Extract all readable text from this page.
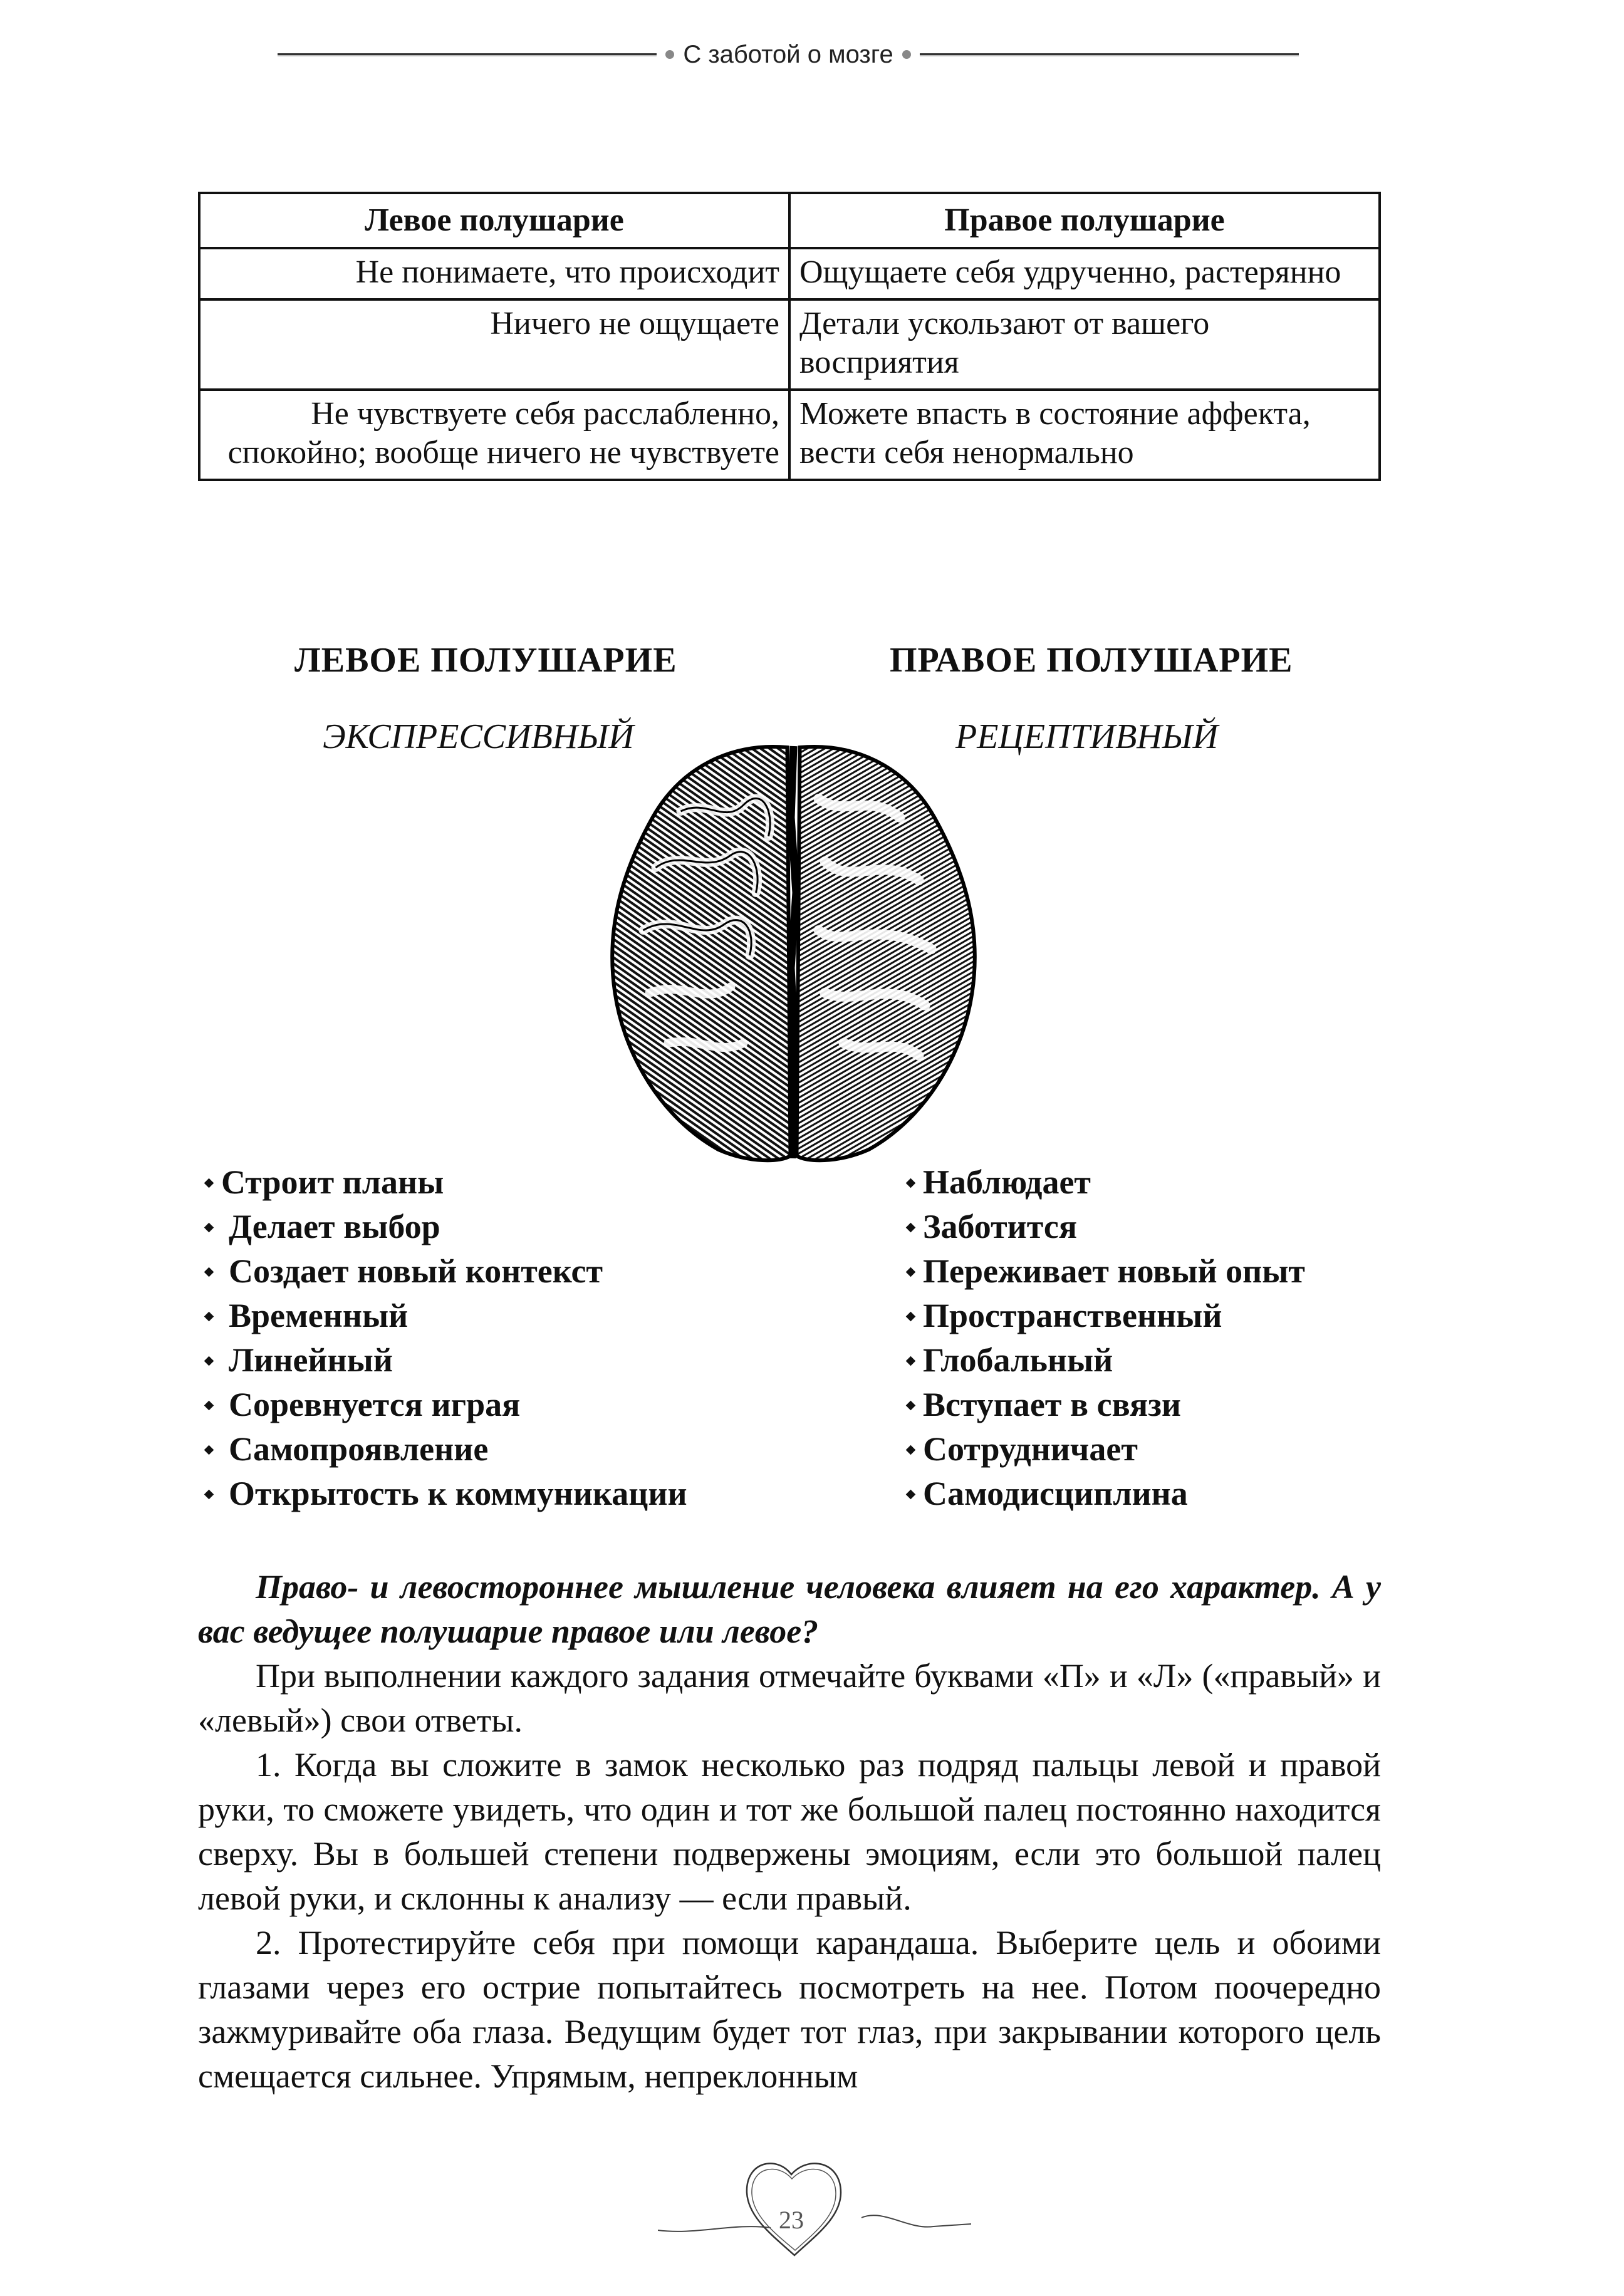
С заботой о мозге
Левое полушарие	Правое полушарие
Не понимаете, что происходит	Ощущаете себя удрученно, растерянно
Ничего не ощущаете	Детали ускользают от вашего восприятия
Не чувствуете себя расслабленно, спокойно; вообще ничего не чувствуете	Можете впасть в состояние аффекта, вести себя ненормально
ЛЕВОЕ ПОЛУШАРИЕ	ПРАВОЕ ПОЛУШАРИЕ
ЭКСПРЕССИВНЫЙ	РЕЦЕПТИВНЫЙ
Строит планы
Делает выбор
Создает новый контекст
Временный
Линейный
Соревнуется играя
Самопроявление
Открытость к коммуникации
Наблюдает
Заботится
Переживает новый опыт
Пространственный
Глобальный
Вступает в связи
Сотрудничает
Самодисциплина

Право- и левостороннее мышление человека влияет на его характер. А у вас ведущее полушарие правое или левое?

При выполнении каждого задания отмечайте буквами «П» и «Л» («правый» и «левый») свои ответы.

1. Когда вы сложите в замок несколько раз подряд пальцы левой и правой руки, то сможете увидеть, что один и тот же большой палец постоянно находится сверху. Вы в большей степени подвержены эмоциям, если это большой палец левой руки, и склонны к анализу — если правый.

2. Протестируйте себя при помощи карандаша. Выберите цель и обоими глазами через его острие попытайтесь посмотреть на нее. Потом поочередно зажмуривайте оба глаза. Ведущим будет тот глаз, при закрывании которого цель смещается сильнее. Упрямым, непреклонным

23
